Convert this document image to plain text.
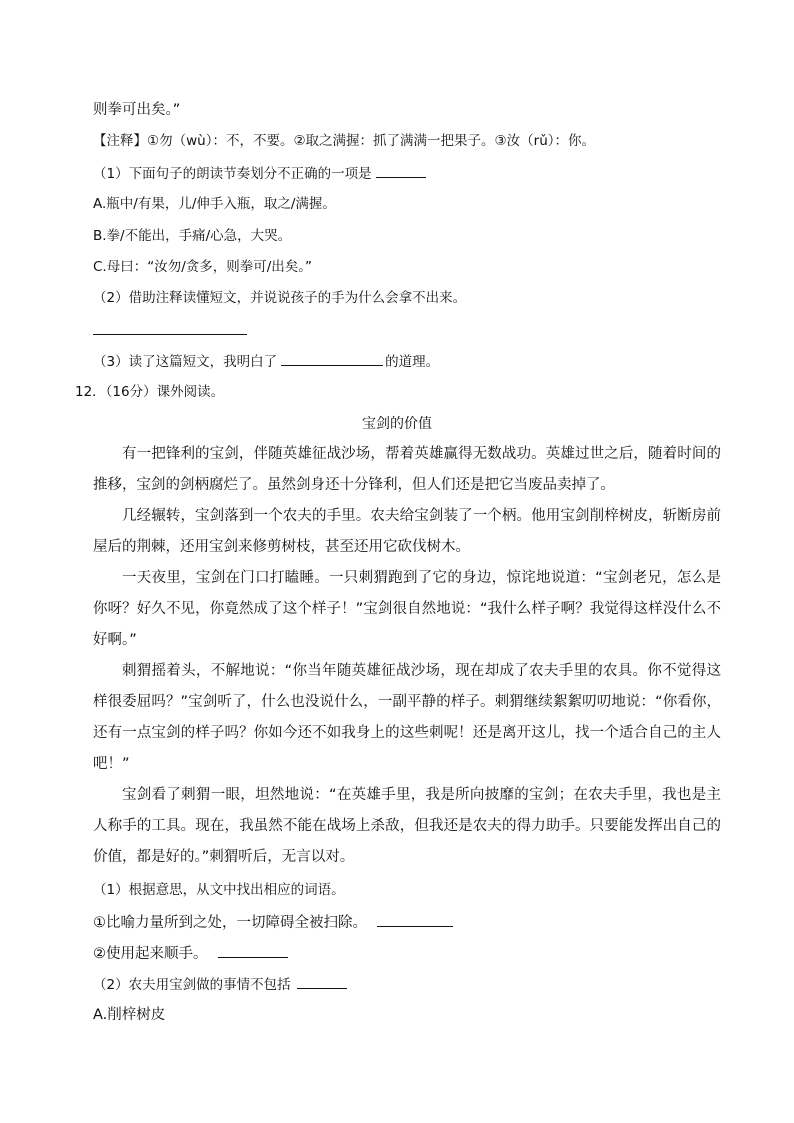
则拳可出矣。”
【注释】①勿（wù）：不，不要。②取之满握：抓了满满一把果子。③汝（rǔ）：你。
（1）下面句子的朗读节奏划分不正确的一项是
A.瓶中/有果，儿/伸手入瓶，取之/满握。
B.拳/不能出，手痛/心急，大哭。
C.母曰：“汝勿/贪多，则拳可/出矣。”
（2）借助注释读懂短文，并说说孩子的手为什么会拿不出来。
（3）读了这篇短文，我明白了	的道理。
12．（16分）课外阅读。
宝剑的价值
有一把锋利的宝剑，伴随英雄征战沙场，帮着英雄赢得无数战功。英雄过世之后，随着时间的推移，宝剑的剑柄腐烂了。虽然剑身还十分锋利，但人们还是把它当废品卖掉了。
几经辗转，宝剑落到一个农夫的手里。农夫给宝剑装了一个柄。他用宝剑削梓树皮，斩断房前屋后的荆棘，还用宝剑来修剪树枝，甚至还用它砍伐树木。
一天夜里，宝剑在门口打瞌睡。一只刺猬跑到了它的身边，惊诧地说道：“宝剑老兄，怎么是你呀？好久不见，你竟然成了这个样子！”宝剑很自然地说：“我什么样子啊？我觉得这样没什么不好啊。”
刺猬摇着头，不解地说：“你当年随英雄征战沙场，现在却成了农夫手里的农具。你不觉得这样很委屈吗？”宝剑听了，什么也没说什么，一副平静的样子。刺猬继续絮絮叨叨地说：“你看你，还有一点宝剑的样子吗？你如今还不如我身上的这些刺呢！还是离开这儿，找一个适合自己的主人吧！”
宝剑看了刺猬一眼，坦然地说：“在英雄手里，我是所向披靡的宝剑；在农夫手里，我也是主人称手的工具。现在，我虽然不能在战场上杀敌，但我还是农夫的得力助手。只要能发挥出自己的价值，都是好的。”刺猬听后，无言以对。
（1）根据意思，从文中找出相应的词语。
①比喻力量所到之处，一切障碍全被扫除。
②使用起来顺手。
（2）农夫用宝剑做的事情不包括
A.削梓树皮
